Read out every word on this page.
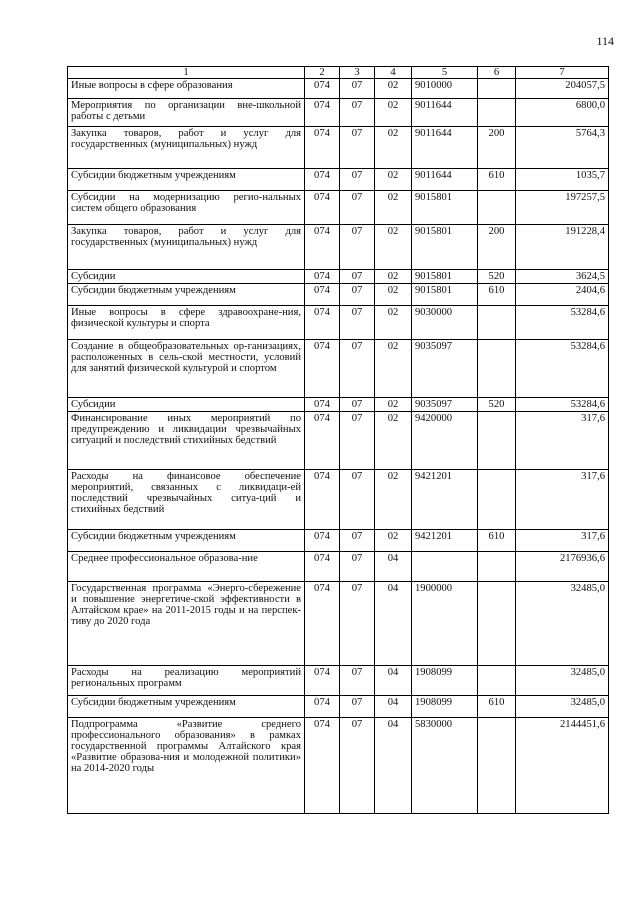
114
1	2	3	4	5	6	7
Иные вопросы в сфере образования	074	07	02	9010000		204057,5
Мероприятия по организации вне-школьной работы с детьми	074	07	02	9011644		6800,0
Закупка товаров, работ и услуг для государственных (муниципальных) нужд	074	07	02	9011644	200	5764,3
Субсидии бюджетным учреждениям	074	07	02	9011644	610	1035,7
Субсидии на модернизацию регио-нальных систем общего образования	074	07	02	9015801		197257,5
Закупка товаров, работ и услуг для государственных (муниципальных) нужд	074	07	02	9015801	200	191228,4
Субсидии	074	07	02	9015801	520	3624,5
Субсидии бюджетным учреждениям	074	07	02	9015801	610	2404,6
Иные вопросы в сфере здравоохране-ния, физической культуры и спорта	074	07	02	9030000		53284,6
Создание в общеобразовательных ор-ганизациях, расположенных в сель-ской местности, условий для занятий физической культурой и спортом	074	07	02	9035097		53284,6
Субсидии	074	07	02	9035097	520	53284,6
Финансирование иных мероприятий по предупреждению и ликвидации чрезвычайных ситуаций и последствий стихийных бедствий	074	07	02	9420000		317,6
Расходы на финансовое обеспечение мероприятий, связанных с ликвидаци-ей последствий чрезвычайных ситуа-ций и стихийных бедствий	074	07	02	9421201		317,6
Субсидии бюджетным учреждениям	074	07	02	9421201	610	317,6
Среднее профессиональное образова-ние	074	07	04			2176936,6
Государственная программа «Энерго-сбережение и повышение энергетиче-ской эффективности в Алтайском крае» на 2011-2015 годы и на перспек-тиву до 2020 года	074	07	04	1900000		32485,0
Расходы на реализацию мероприятий региональных программ	074	07	04	1908099		32485,0
Субсидии бюджетным учреждениям	074	07	04	1908099	610	32485,0
Подпрограмма «Развитие среднего профессионального образования» в рамках государственной программы Алтайского края «Развитие образова-ния и молодежной политики» на 2014-2020 годы	074	07	04	5830000		2144451,6
